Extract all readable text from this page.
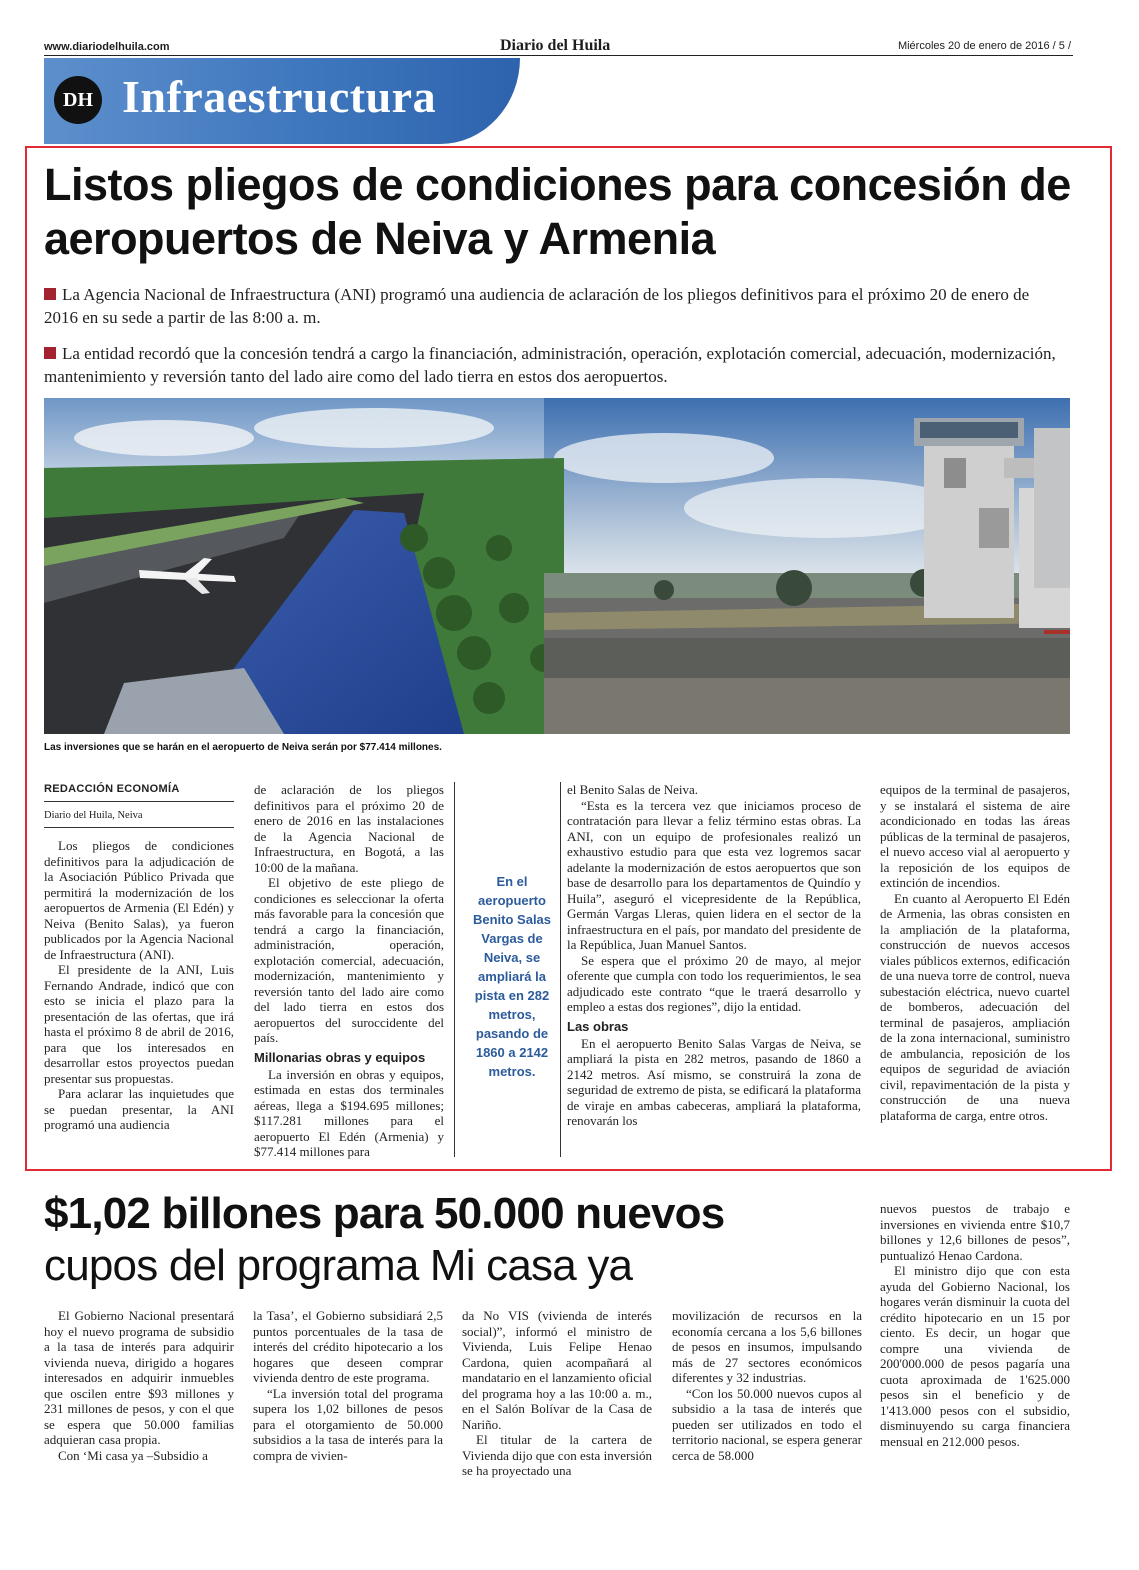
www.diariodelhuila.com	Diario del Huila	Miércoles 20 de enero de 2016 / 5 /
DH Infraestructura
Listos pliegos de condiciones para concesión de aeropuertos de Neiva y Armenia
La Agencia Nacional de Infraestructura (ANI) programó una audiencia de aclaración de los pliegos definitivos para el próximo 20 de enero de 2016 en su sede a partir de las 8:00 a. m.
La entidad recordó que la concesión tendrá a cargo la financiación, administración, operación, explotación comercial, adecuación, modernización, mantenimiento y reversión tanto del lado aire como del lado tierra en estos dos aeropuertos.
Las inversiones que se harán en el aeropuerto de Neiva serán por $77.414 millones.
REDACCIÓN ECONOMÍA
Diario del Huila, Neiva

Los pliegos de condiciones definitivos para la adjudicación de la Asociación Público Privada que permitirá la modernización de los aeropuertos de Armenia (El Edén) y Neiva (Benito Salas), ya fueron publicados por la Agencia Nacional de Infraestructura (ANI).

El presidente de la ANI, Luis Fernando Andrade, indicó que con esto se inicia el plazo para la presentación de las ofertas, que irá hasta el próximo 8 de abril de 2016, para que los interesados en desarrollar estos proyectos puedan presentar sus propuestas.

Para aclarar las inquietudes que se puedan presentar, la ANI programó una audiencia

de aclaración de los pliegos definitivos para el próximo 20 de enero de 2016 en las instalaciones de la Agencia Nacional de Infraestructura, en Bogotá, a las 10:00 de la mañana.

El objetivo de este pliego de condiciones es seleccionar la oferta más favorable para la concesión que tendrá a cargo la financiación, administración, operación, explotación comercial, adecuación, modernización, mantenimiento y reversión tanto del lado aire como del lado tierra en estos dos aeropuertos del suroccidente del país.

Millonarias obras y equipos

La inversión en obras y equipos, estimada en estas dos terminales aéreas, llega a $194.695 millones; $117.281 millones para el aeropuerto El Edén (Armenia) y $77.414 millones para

En el aeropuerto Benito Salas Vargas de Neiva, se ampliará la pista en 282 metros, pasando de 1860 a 2142 metros.

el Benito Salas de Neiva.

“Esta es la tercera vez que iniciamos proceso de contratación para llevar a feliz término estas obras. La ANI, con un equipo de profesionales realizó un exhaustivo estudio para que esta vez logremos sacar adelante la modernización de estos aeropuertos que son base de desarrollo para los departamentos de Quindío y Huila”, aseguró el vicepresidente de la República, Germán Vargas Lleras, quien lidera en el sector de la infraestructura en el país, por mandato del presidente de la República, Juan Manuel Santos.

Se espera que el próximo 20 de mayo, al mejor oferente que cumpla con todo los requerimientos, le sea adjudicado este contrato “que le traerá desarrollo y empleo a estas dos regiones”, dijo la entidad.

Las obras

En el aeropuerto Benito Salas Vargas de Neiva, se ampliará la pista en 282 metros, pasando de 1860 a 2142 metros. Así mismo, se construirá la zona de seguridad de extremo de pista, se edificará la plataforma de viraje en ambas cabeceras, ampliará la plataforma, renovarán los

equipos de la terminal de pasajeros, y se instalará el sistema de aire acondicionado en todas las áreas públicas de la terminal de pasajeros, el nuevo acceso vial al aeropuerto y la reposición de los equipos de extinción de incendios.

En cuanto al Aeropuerto El Edén de Armenia, las obras consisten en la ampliación de la plataforma, construcción de nuevos accesos viales públicos externos, edificación de una nueva torre de control, nueva subestación eléctrica, nuevo cuartel de bomberos, adecuación del terminal de pasajeros, ampliación de la zona internacional, suministro de ambulancia, reposición de los equipos de seguridad de aviación civil, repavimentación de la pista y construcción de una nueva plataforma de carga, entre otros.

$1,02 billones para 50.000 nuevos
cupos del programa Mi casa ya

El Gobierno Nacional presentará hoy el nuevo programa de subsidio a la tasa de interés para adquirir vivienda nueva, dirigido a hogares interesados en adquirir inmuebles que oscilen entre $93 millones y 231 millones de pesos, y con el que se espera que 50.000 familias adquieran casa propia.

Con ‘Mi casa ya –Subsidio a

la Tasa’, el Gobierno subsidiará 2,5 puntos porcentuales de la tasa de interés del crédito hipotecario a los hogares que deseen comprar vivienda dentro de este programa.

“La inversión total del programa supera los 1,02 billones de pesos para el otorgamiento de 50.000 subsidios a la tasa de interés para la compra de vivien-

da No VIS (vivienda de interés social)”, informó el ministro de Vivienda, Luis Felipe Henao Cardona, quien acompañará al mandatario en el lanzamiento oficial del programa hoy a las 10:00 a. m., en el Salón Bolívar de la Casa de Nariño.

El titular de la cartera de Vivienda dijo que con esta inversión se ha proyectado una

movilización de recursos en la economía cercana a los 5,6 billones de pesos en insumos, impulsando más de 27 sectores económicos diferentes y 32 industrias.

“Con los 50.000 nuevos cupos al subsidio a la tasa de interés que pueden ser utilizados en todo el territorio nacional, se espera generar cerca de 58.000

nuevos puestos de trabajo e inversiones en vivienda entre $10,7 billones y 12,6 billones de pesos”, puntualizó Henao Cardona.

El ministro dijo que con esta ayuda del Gobierno Nacional, los hogares verán disminuir la cuota del crédito hipotecario en un 15 por ciento. Es decir, un hogar que compre una vivienda de 200'000.000 de pesos pagaría una cuota aproximada de 1'625.000 pesos sin el beneficio y de 1'413.000 pesos con el subsidio, disminuyendo su carga financiera mensual en 212.000 pesos.
